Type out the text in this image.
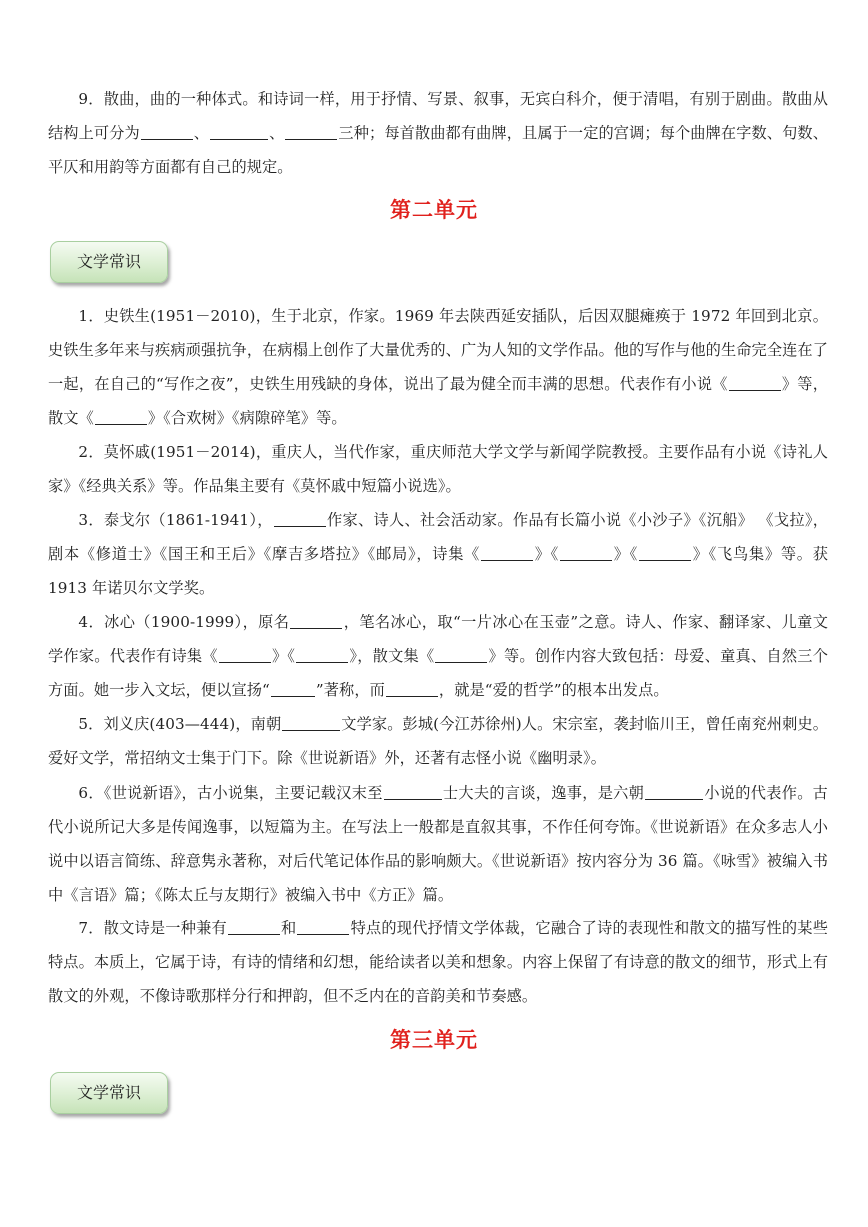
9．散曲，曲的一种体式。和诗词一样，用于抒情、写景、叙事，无宾白科介，便于清唱，有别于剧曲。散曲从结构上可分为	、	、	三种；每首散曲都有曲牌，且属于一定的宫调；每个曲牌在字数、句数、平仄和用韵等方面都有自己的规定。

第二单元
文学常识

1．史铁生(1951－2010)，生于北京，作家。1969 年去陕西延安插队，后因双腿瘫痪于 1972 年回到北京。史铁生多年来与疾病顽强抗争，在病榻上创作了大量优秀的、广为人知的文学作品。他的写作与他的生命完全连在了一起，在自己的“写作之夜”，史铁生用残缺的身体，说出了最为健全而丰满的思想。代表作有小说《	》等，散文《	》《合欢树》《病隙碎笔》等。

2．莫怀戚(1951－2014)，重庆人，当代作家，重庆师范大学文学与新闻学院教授。主要作品有小说《诗礼人家》《经典关系》等。作品集主要有《莫怀戚中短篇小说选》。

3．泰戈尔（1861-1941），	作家、诗人、社会活动家。作品有长篇小说《小沙子》《沉船》 《戈拉》，剧本《修道士》《国王和王后》《摩吉多塔拉》《邮局》，诗集《	》《	》《	》《飞鸟集》等。获 1913 年诺贝尔文学奖。

4．冰心（1900-1999），原名	，笔名冰心，取“一片冰心在玉壶”之意。诗人、作家、翻译家、儿童文学作家。代表作有诗集《	》《	》，散文集《	》等。创作内容大致包括：母爱、童真、自然三个方面。她一步入文坛，便以宣扬“	”著称，而	，就是“爱的哲学”的根本出发点。

5．刘义庆(403—444)，南朝	文学家。彭城(今江苏徐州)人。宋宗室，袭封临川王，曾任南兖州刺史。爱好文学，常招纳文士集于门下。除《世说新语》外，还著有志怪小说《幽明录》。

6．《世说新语》，古小说集，主要记载汉末至	士大夫的言谈，逸事，是六朝	小说的代表作。古代小说所记大多是传闻逸事，以短篇为主。在写法上一般都是直叙其事，不作任何夸饰。《世说新语》在众多志人小说中以语言简练、辞意隽永著称，对后代笔记体作品的影响颇大。《世说新语》按内容分为 36 篇。《咏雪》被编入书中《言语》篇；《陈太丘与友期行》被编入书中《方正》篇。

7．散文诗是一种兼有	和	特点的现代抒情文学体裁，它融合了诗的表现性和散文的描写性的某些特点。本质上，它属于诗，有诗的情绪和幻想，能给读者以美和想象。内容上保留了有诗意的散文的细节，形式上有散文的外观，不像诗歌那样分行和押韵，但不乏内在的音韵美和节奏感。

第三单元
文学常识
